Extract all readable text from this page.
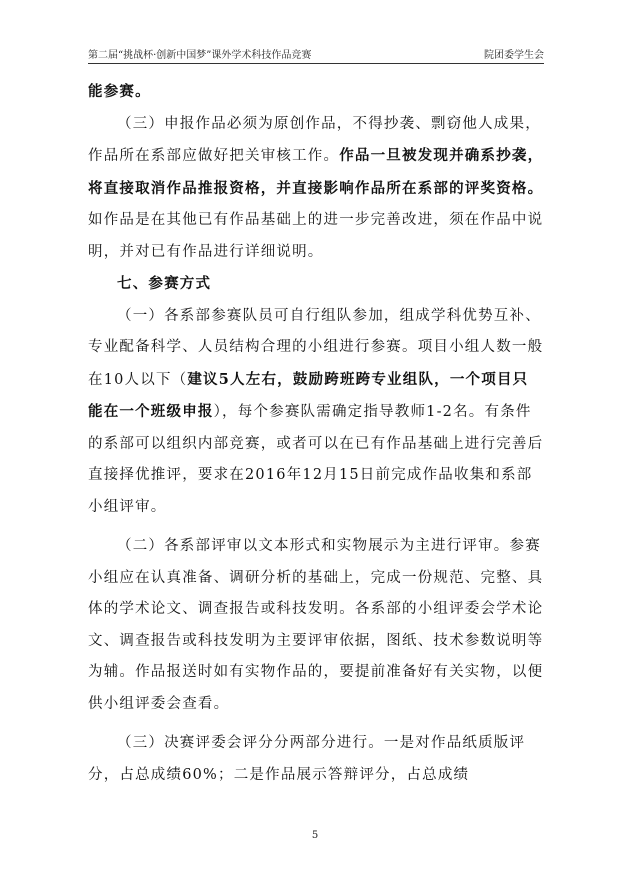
第二届“挑战杯·创新中国梦”课外学术科技作品竞赛	院团委学生会

能参赛。

（三）申报作品必须为原创作品，不得抄袭、剽窃他人成果，作品所在系部应做好把关审核工作。作品一旦被发现并确系抄袭，将直接取消作品推报资格，并直接影响作品所在系部的评奖资格。如作品是在其他已有作品基础上的进一步完善改进，须在作品中说明，并对已有作品进行详细说明。

七、参赛方式

（一）各系部参赛队员可自行组队参加，组成学科优势互补、专业配备科学、人员结构合理的小组进行参赛。项目小组人数一般在10人以下（建议5人左右，鼓励跨班跨专业组队，一个项目只能在一个班级申报），每个参赛队需确定指导教师1-2名。有条件的系部可以组织内部竞赛，或者可以在已有作品基础上进行完善后直接择优推评，要求在2016年12月15日前完成作品收集和系部小组评审。

（二）各系部评审以文本形式和实物展示为主进行评审。参赛小组应在认真准备、调研分析的基础上，完成一份规范、完整、具体的学术论文、调查报告或科技发明。各系部的小组评委会学术论文、调查报告或科技发明为主要评审依据，图纸、技术参数说明等为辅。作品报送时如有实物作品的，要提前准备好有关实物，以便供小组评委会查看。

（三）决赛评委会评分分两部分进行。一是对作品纸质版评分，占总成绩60%；二是作品展示答辩评分，占总成绩

5
